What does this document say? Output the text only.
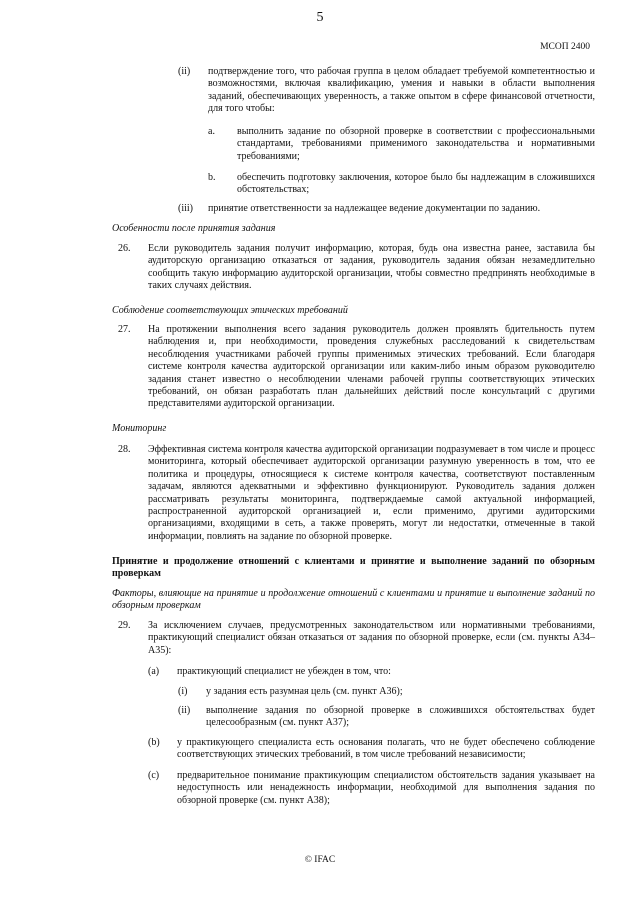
5
МСОП 2400
(ii) подтверждение того, что рабочая группа в целом обладает требуемой компетентностью и возможностями, включая квалификацию, умения и навыки в области выполнения заданий, обеспечивающих уверенность, а также опытом в сфере финансовой отчетности, для того чтобы:
a. выполнить задание по обзорной проверке в соответствии с профессиональными стандартами, требованиями применимого законодательства и нормативными требованиями;
b. обеспечить подготовку заключения, которое было бы надлежащим в сложившихся обстоятельствах;
(iii) принятие ответственности за надлежащее ведение документации по заданию.
Особенности после принятия задания
26. Если руководитель задания получит информацию, которая, будь она известна ранее, заставила бы аудиторскую организацию отказаться от задания, руководитель задания обязан незамедлительно сообщить такую информацию аудиторской организации, чтобы совместно предпринять необходимые в таких случаях действия.
Соблюдение соответствующих этических требований
27. На протяжении выполнения всего задания руководитель должен проявлять бдительность путем наблюдения и, при необходимости, проведения служебных расследований к свидетельствам несоблюдения участниками рабочей группы применимых этических требований. Если благодаря системе контроля качества аудиторской организации или каким-либо иным образом руководителю задания станет известно о несоблюдении членами рабочей группы соответствующих этических требований, он обязан разработать план дальнейших действий после консультаций с другими представителями аудиторской организации.
Мониторинг
28. Эффективная система контроля качества аудиторской организации подразумевает в том числе и процесс мониторинга, который обеспечивает аудиторской организации разумную уверенность в том, что ее политика и процедуры, относящиеся к системе контроля качества, соответствуют поставленным задачам, являются адекватными и эффективно функционируют. Руководитель задания должен рассматривать результаты мониторинга, подтверждаемые самой актуальной информацией, распространенной аудиторской организацией и, если применимо, другими аудиторскими организациями, входящими в сеть, а также проверять, могут ли недостатки, отмеченные в такой информации, повлиять на задание по обзорной проверке.
Принятие и продолжение отношений с клиентами и принятие и выполнение заданий по обзорным проверкам
Факторы, влияющие на принятие и продолжение отношений с клиентами и принятие и выполнение заданий по обзорным проверкам
29. За исключением случаев, предусмотренных законодательством или нормативными требованиями, практикующий специалист обязан отказаться от задания по обзорной проверке, если (см. пункты А34–А35):
(a) практикующий специалист не убежден в том, что:
(i) у задания есть разумная цель (см. пункт А36);
(ii) выполнение задания по обзорной проверке в сложившихся обстоятельствах будет целесообразным (см. пункт А37);
(b) у практикующего специалиста есть основания полагать, что не будет обеспечено соблюдение соответствующих этических требований, в том числе требований независимости;
(c) предварительное понимание практикующим специалистом обстоятельств задания указывает на недоступность или ненадежность информации, необходимой для выполнения задания по обзорной проверке (см. пункт А38);
© IFAC
